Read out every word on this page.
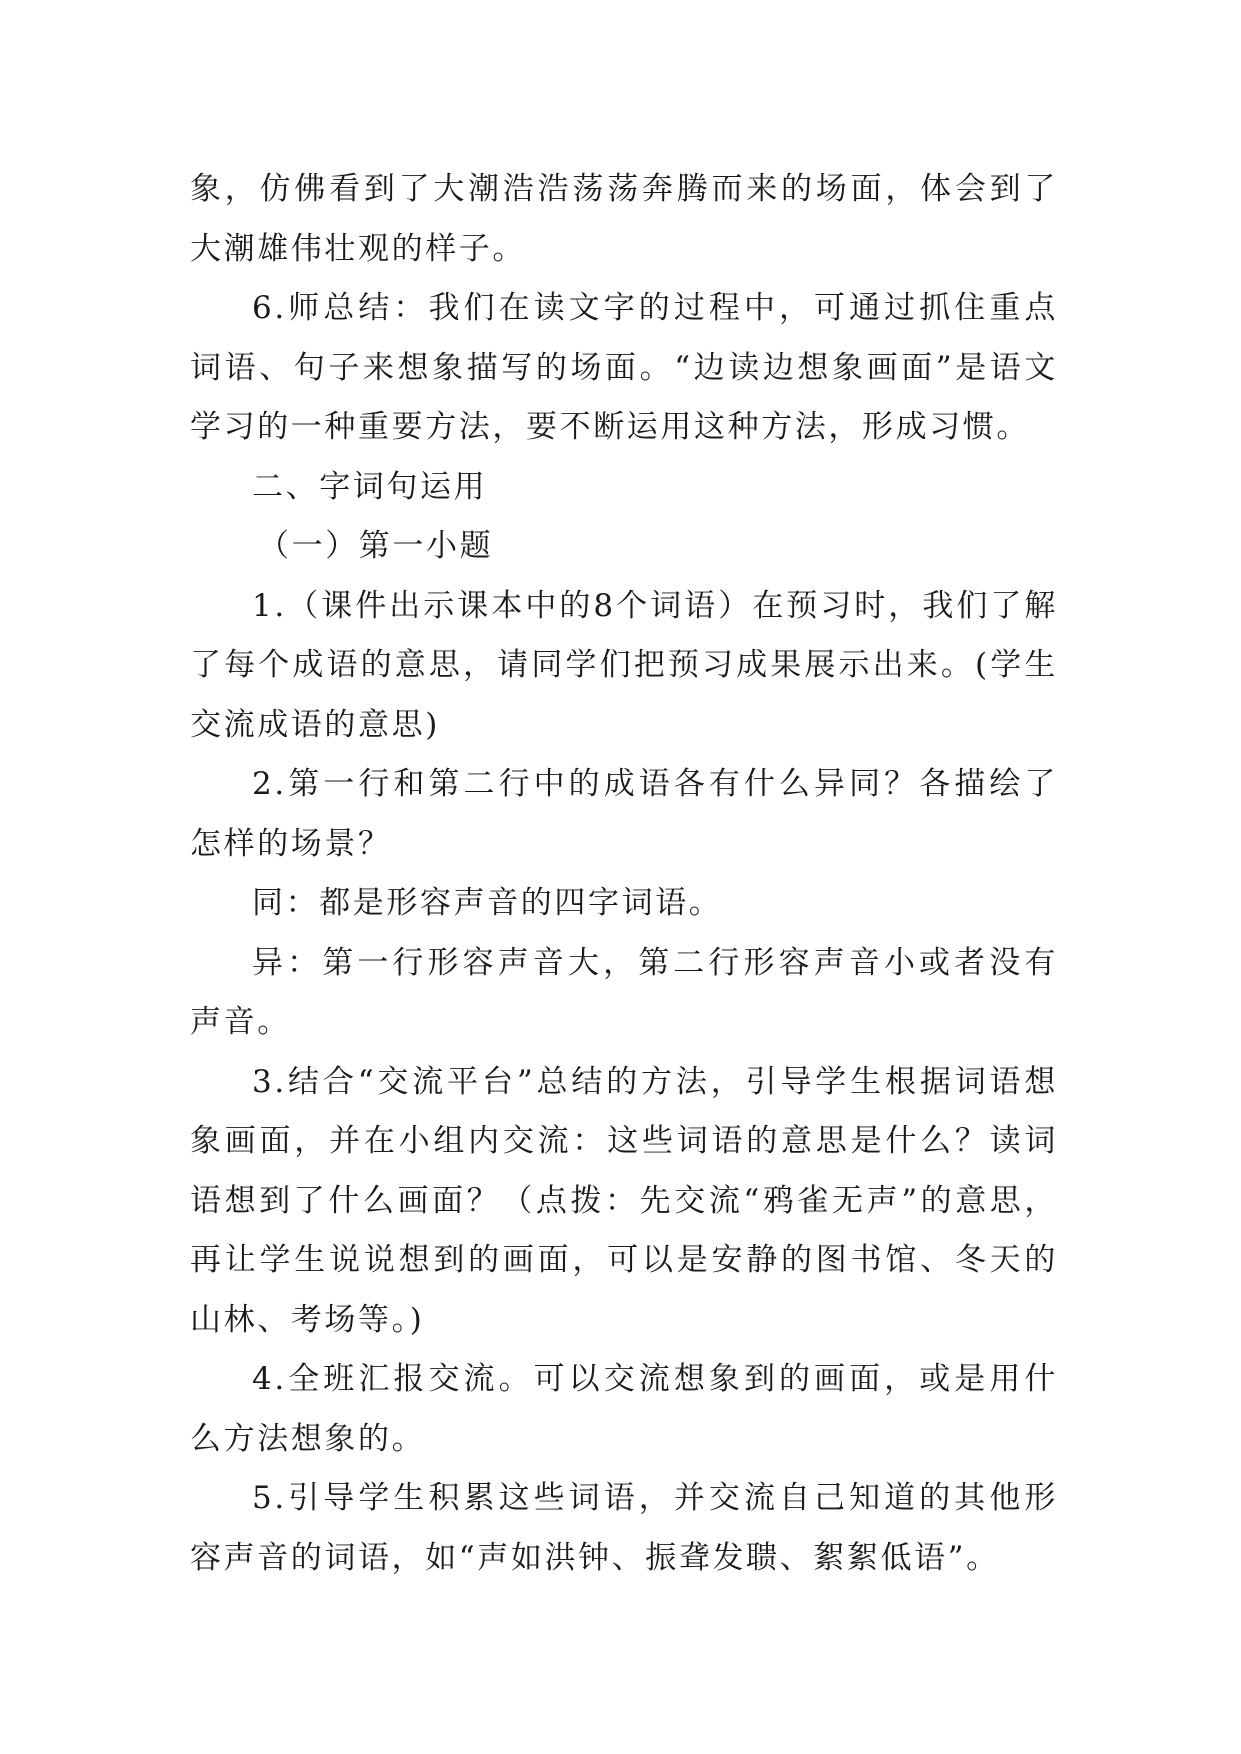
象，仿佛看到了大潮浩浩荡荡奔腾而来的场面，体会到了大潮雄伟壮观的样子。

6.师总结：我们在读文字的过程中，可通过抓住重点词语、句子来想象描写的场面。“边读边想象画面”是语文学习的一种重要方法，要不断运用这种方法，形成习惯。

二、字词句运用

（一）第一小题

1.（课件出示课本中的8个词语）在预习时，我们了解了每个成语的意思，请同学们把预习成果展示出来。(学生交流成语的意思)

2.第一行和第二行中的成语各有什么异同？各描绘了怎样的场景？

同：都是形容声音的四字词语。

异：第一行形容声音大，第二行形容声音小或者没有声音。

3.结合“交流平台”总结的方法，引导学生根据词语想象画面，并在小组内交流：这些词语的意思是什么？读词语想到了什么画面？（点拨：先交流“鸦雀无声”的意思，再让学生说说想到的画面，可以是安静的图书馆、冬天的山林、考场等。)

4.全班汇报交流。可以交流想象到的画面，或是用什么方法想象的。

5.引导学生积累这些词语，并交流自己知道的其他形容声音的词语，如“声如洪钟、振聋发聩、絮絮低语”。
